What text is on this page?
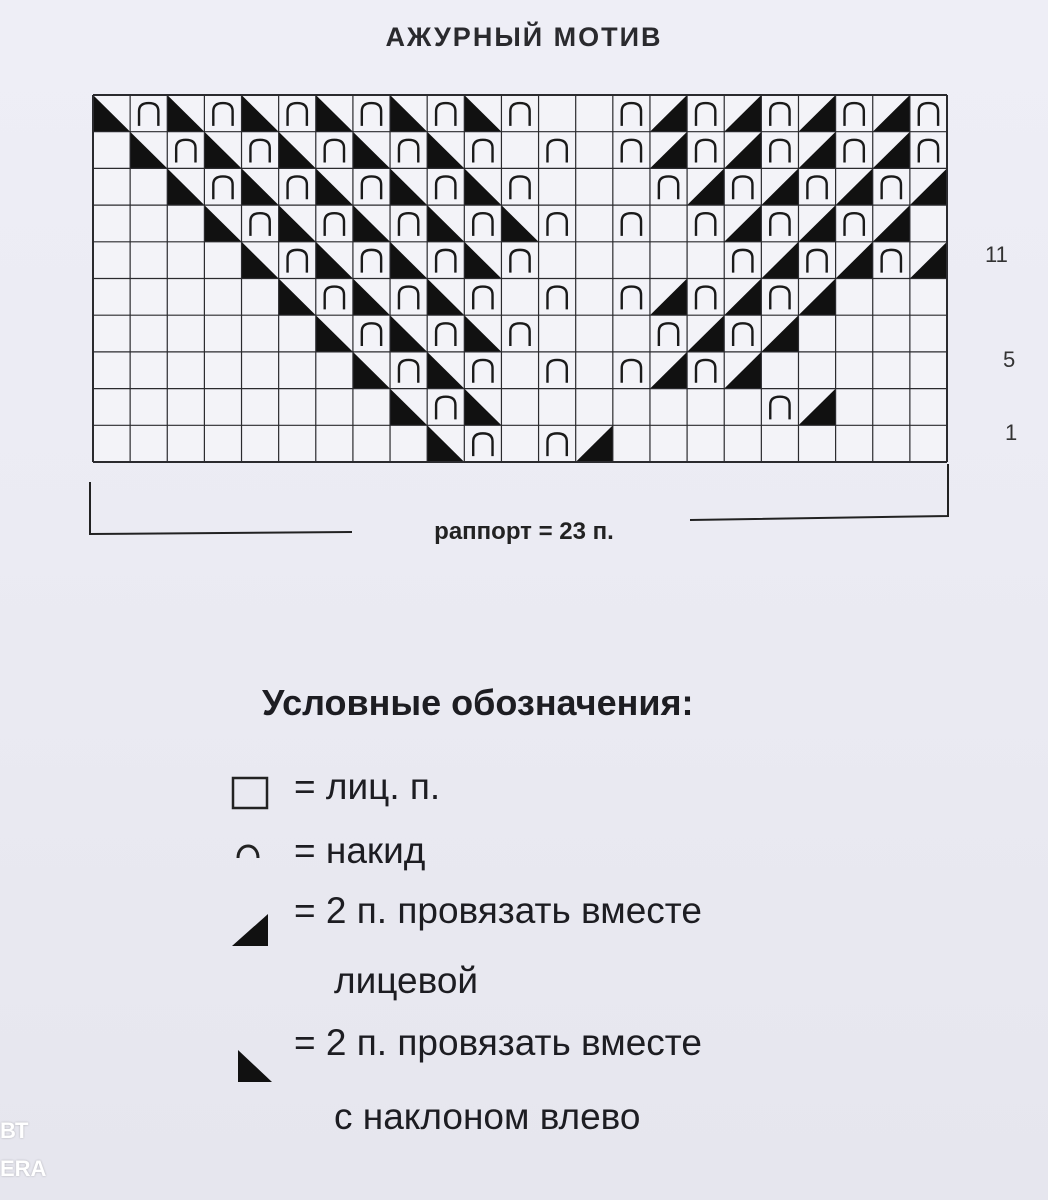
АЖУРНЫЙ МОТИВ
11
5
1
раппорт = 23 п.
Условные обозначения:
= лиц. п.
= накид
= 2 п. провязать вместе
лицевой
= 2 п. провязать вместе
с наклоном влево
ВТ
ERA
